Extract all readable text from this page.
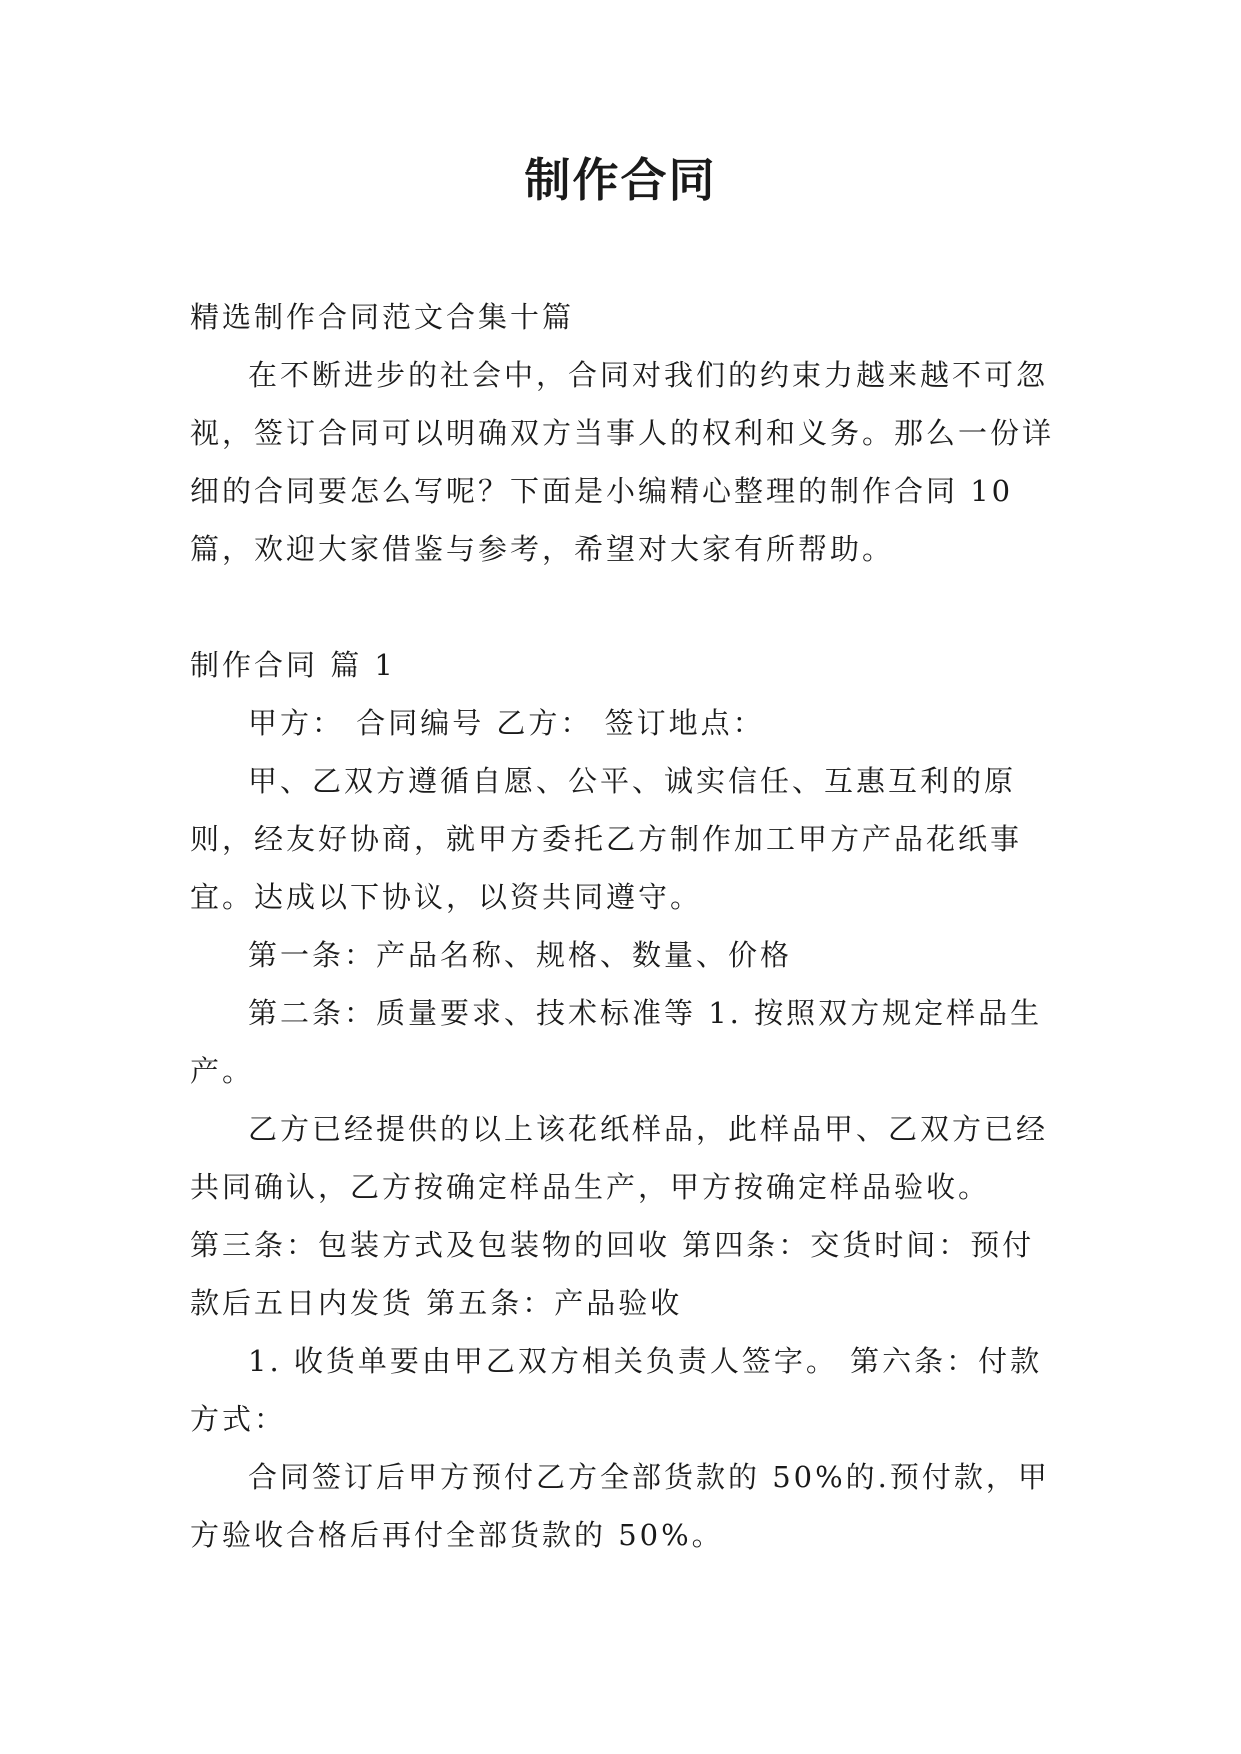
制作合同

精选制作合同范文合集十篇

在不断进步的社会中，合同对我们的约束力越来越不可忽视，签订合同可以明确双方当事人的权利和义务。那么一份详细的合同要怎么写呢？下面是小编精心整理的制作合同 10 篇，欢迎大家借鉴与参考，希望对大家有所帮助。

制作合同 篇 1

甲方： 合同编号 乙方： 签订地点：

甲、乙双方遵循自愿、公平、诚实信任、互惠互利的原则，经友好协商，就甲方委托乙方制作加工甲方产品花纸事宜。达成以下协议，以资共同遵守。

第一条：产品名称、规格、数量、价格

第二条：质量要求、技术标准等 1. 按照双方规定样品生产。

乙方已经提供的以上该花纸样品，此样品甲、乙双方已经共同确认，乙方按确定样品生产，甲方按确定样品验收。

第三条：包装方式及包装物的回收 第四条：交货时间：预付款后五日内发货 第五条：产品验收

1. 收货单要由甲乙双方相关负责人签字。 第六条：付款方式：

合同签订后甲方预付乙方全部货款的 50%的.预付款，甲方验收合格后再付全部货款的 50%。
